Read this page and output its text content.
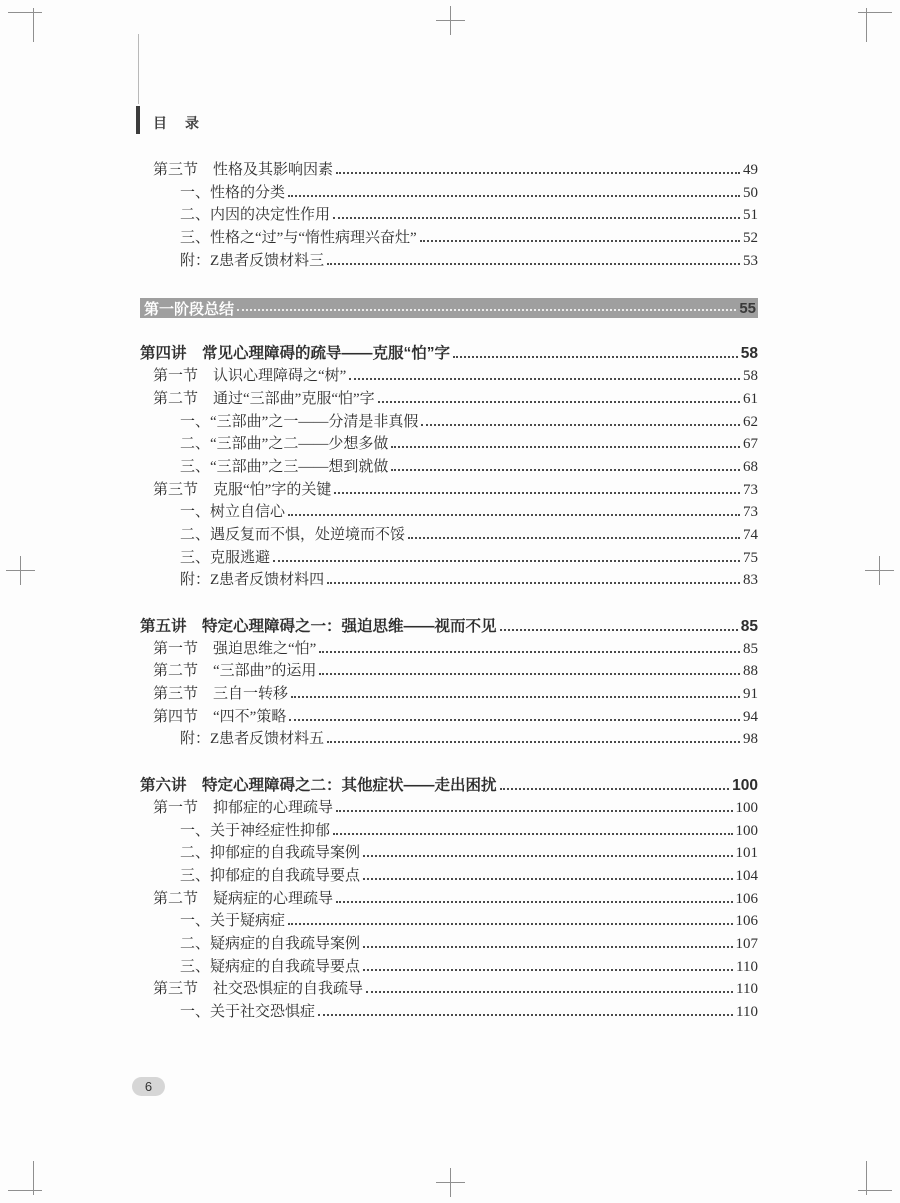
目　录
第三节　性格及其影响因素	49
一、性格的分类	50
二、内因的决定性作用	51
三、性格之“过”与“惰性病理兴奋灶”	52
附：Z患者反馈材料三	53
第一阶段总结	55
第四讲　常见心理障碍的疏导——克服“怕”字	58
第一节　认识心理障碍之“树”	58
第二节　通过“三部曲”克服“怕”字	61
一、“三部曲”之一——分清是非真假	62
二、“三部曲”之二——少想多做	67
三、“三部曲”之三——想到就做	68
第三节　克服“怕”字的关键	73
一、树立自信心	73
二、遇反复而不惧，处逆境而不馁	74
三、克服逃避	75
附：Z患者反馈材料四	83
第五讲　特定心理障碍之一：强迫思维——视而不见	85
第一节　强迫思维之“怕”	85
第二节　“三部曲”的运用	88
第三节　三自一转移	91
第四节　“四不”策略	94
附：Z患者反馈材料五	98
第六讲　特定心理障碍之二：其他症状——走出困扰	100
第一节　抑郁症的心理疏导	100
一、关于神经症性抑郁	100
二、抑郁症的自我疏导案例	101
三、抑郁症的自我疏导要点	104
第二节　疑病症的心理疏导	106
一、关于疑病症	106
二、疑病症的自我疏导案例	107
三、疑病症的自我疏导要点	110
第三节　社交恐惧症的自我疏导	110
一、关于社交恐惧症	110
6
